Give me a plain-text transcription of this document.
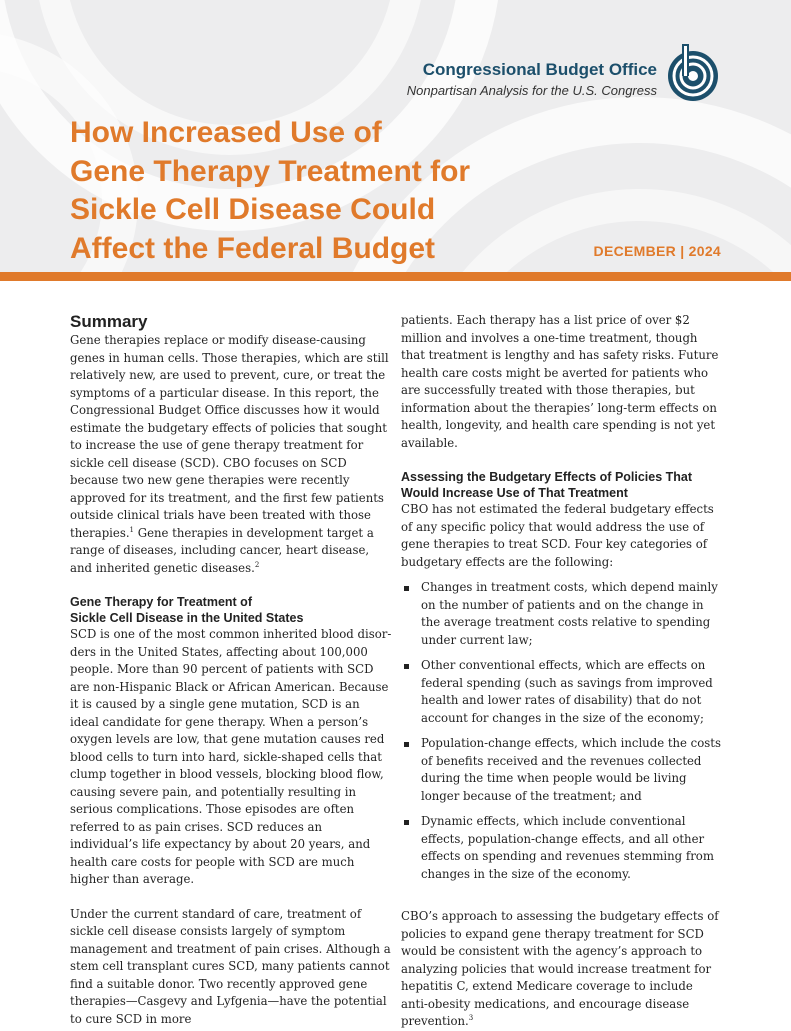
Congressional Budget Office
Nonpartisan Analysis for the U.S. Congress
How Increased Use of
Gene Therapy Treatment for
Sickle Cell Disease Could
Affect the Federal Budget	DECEMBER | 2024
Summary

Gene therapies replace or modify disease-causing genes in human cells. Those therapies, which are still relatively new, are used to prevent, cure, or treat the symptoms of a particular disease. In this report, the Congressional Budget Office discusses how it would estimate the budgetary effects of policies that sought to increase the use of gene therapy treatment for sickle cell disease (SCD). CBO focuses on SCD because two new gene therapies were recently approved for its treatment, and the first few patients outside clinical trials have been treated with those therapies.$^1$ Gene therapies in development target a range of diseases, including cancer, heart disease, and inherited genetic diseases.$^2$

Gene Therapy for Treatment of
Sickle Cell Disease in the United States

SCD is one of the most common inherited blood disorders in the United States, affecting about 100,000 people. More than 90 percent of patients with SCD are non-Hispanic Black or African American. Because it is caused by a single gene mutation, SCD is an ideal candidate for gene therapy. When a person’s oxygen levels are low, that gene mutation causes red blood cells to turn into hard, sickle-shaped cells that clump together in blood vessels, blocking blood flow, causing severe pain, and potentially resulting in serious complications. Those episodes are often referred to as pain crises. SCD reduces an individual’s life expectancy by about 20 years, and health care costs for people with SCD are much higher than average.

Under the current standard of care, treatment of sickle cell disease consists largely of symptom management and treatment of pain crises. Although a stem cell transplant cures SCD, many patients cannot find a suitable donor. Two recently approved gene therapies—Casgevy and Lyfgenia—have the potential to cure SCD in more

patients. Each therapy has a list price of over $2 million and involves a one-time treatment, though that treatment is lengthy and has safety risks. Future health care costs might be averted for patients who are successfully treated with those therapies, but information about the therapies’ long-term effects on health, longevity, and health care spending is not yet available.

Assessing the Budgetary Effects of Policies That
Would Increase Use of That Treatment

CBO has not estimated the federal budgetary effects of any specific policy that would address the use of gene therapies to treat SCD. Four key categories of budgetary effects are the following:

Changes in treatment costs, which depend mainly on the number of patients and on the change in the average treatment costs relative to spending under current law;
Other conventional effects, which are effects on federal spending (such as savings from improved health and lower rates of disability) that do not account for changes in the size of the economy;
Population-change effects, which include the costs of benefits received and the revenues collected during the time when people would be living longer because of the treatment; and
Dynamic effects, which include conventional effects, population-change effects, and all other effects on spending and revenues stemming from changes in the size of the economy.

CBO’s approach to assessing the budgetary effects of policies to expand gene therapy treatment for SCD would be consistent with the agency’s approach to analyzing policies that would increase treatment for hepatitis C, extend Medicare coverage to include anti-obesity medications, and encourage disease prevention.$^3$
